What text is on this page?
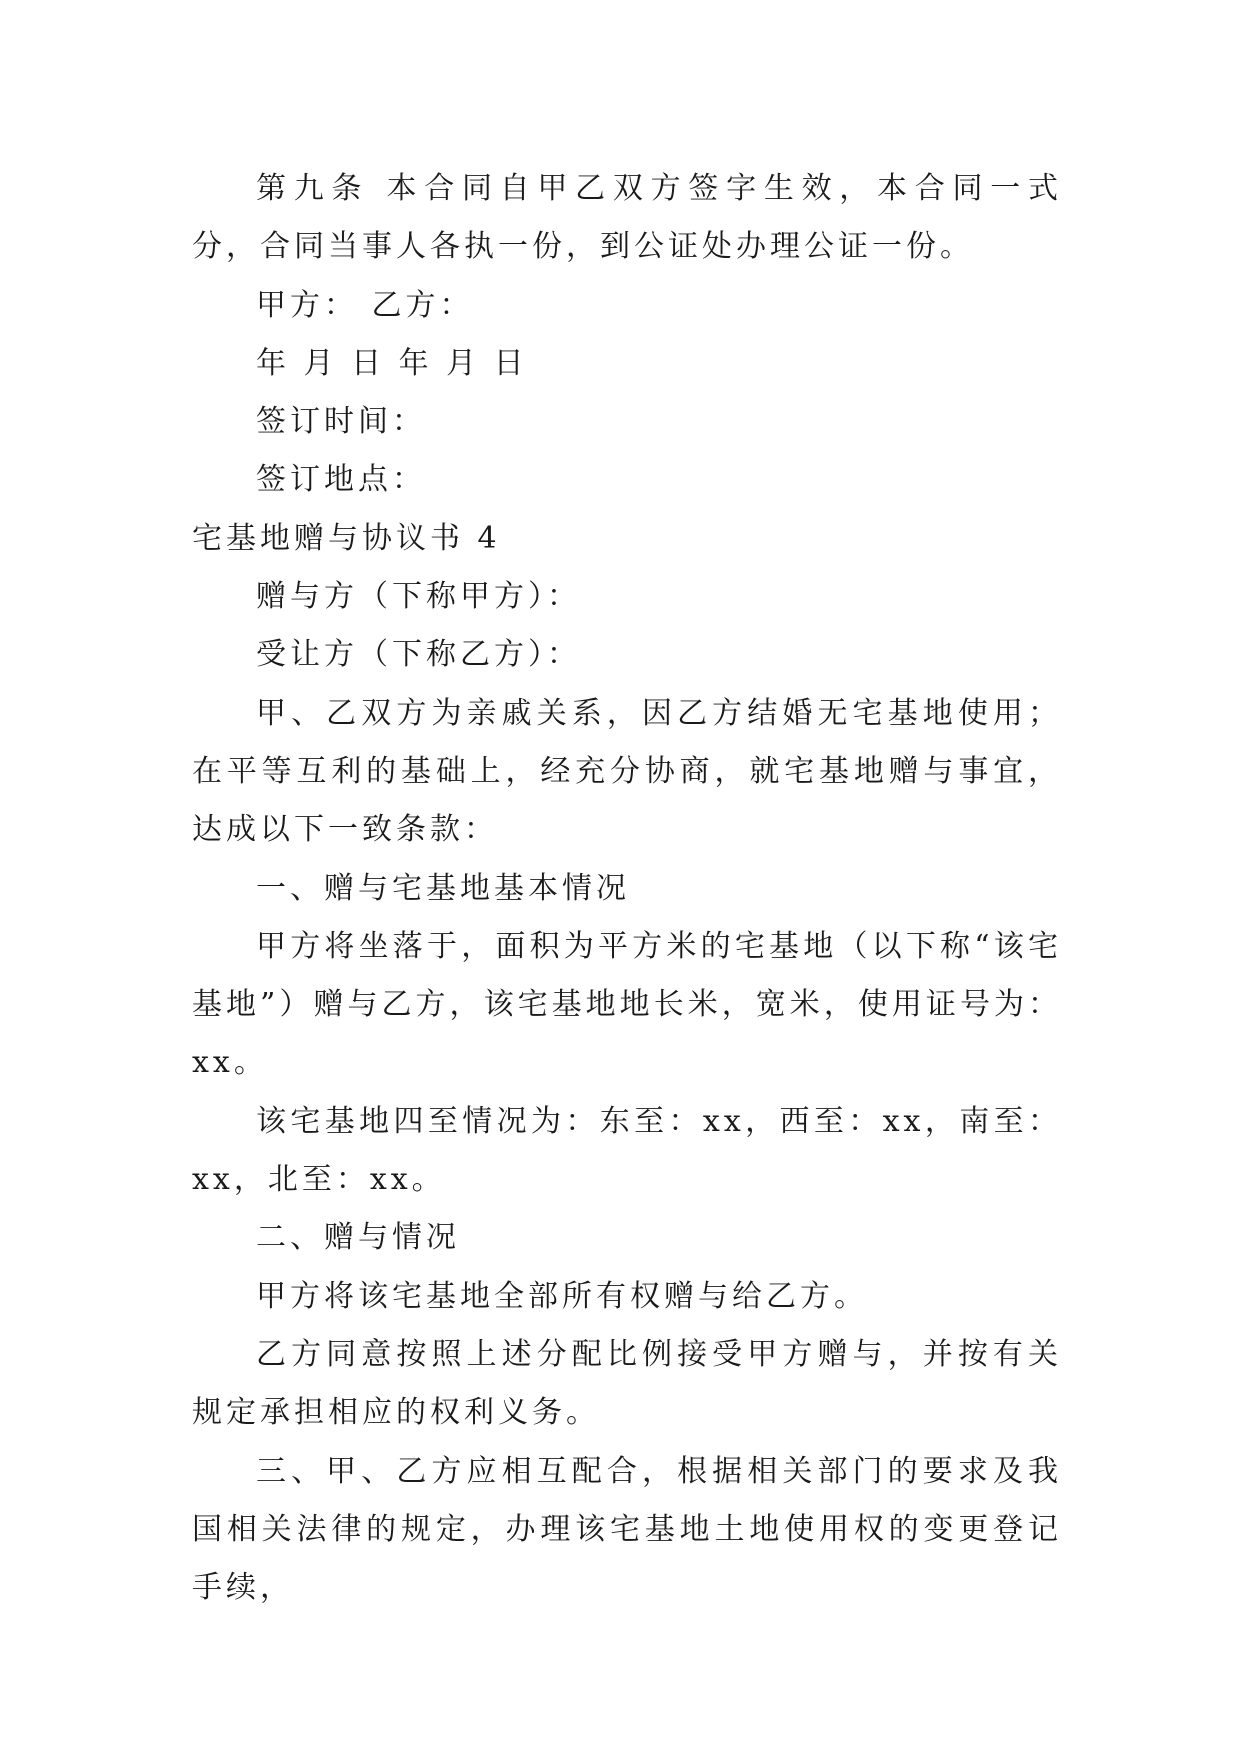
第九条 本合同自甲乙双方签字生效，本合同一式 分，合同当事人各执一份，到公证处办理公证一份。

甲方： 乙方：

年 月 日 年 月 日

签订时间：

签订地点：

宅基地赠与协议书 4

赠与方（下称甲方）：

受让方（下称乙方）：

甲、乙双方为亲戚关系，因乙方结婚无宅基地使用；在平等互利的基础上，经充分协商，就宅基地赠与事宜，达成以下一致条款：

一、赠与宅基地基本情况

甲方将坐落于，面积为平方米的宅基地（以下称“该宅基地”）赠与乙方，该宅基地地长米，宽米，使用证号为：xx。

该宅基地四至情况为：东至：xx，西至：xx，南至：xx，北至：xx。

二、赠与情况

甲方将该宅基地全部所有权赠与给乙方。

乙方同意按照上述分配比例接受甲方赠与，并按有关规定承担相应的权利义务。

三、甲、乙方应相互配合，根据相关部门的要求及我国相关法律的规定，办理该宅基地土地使用权的变更登记手续，
